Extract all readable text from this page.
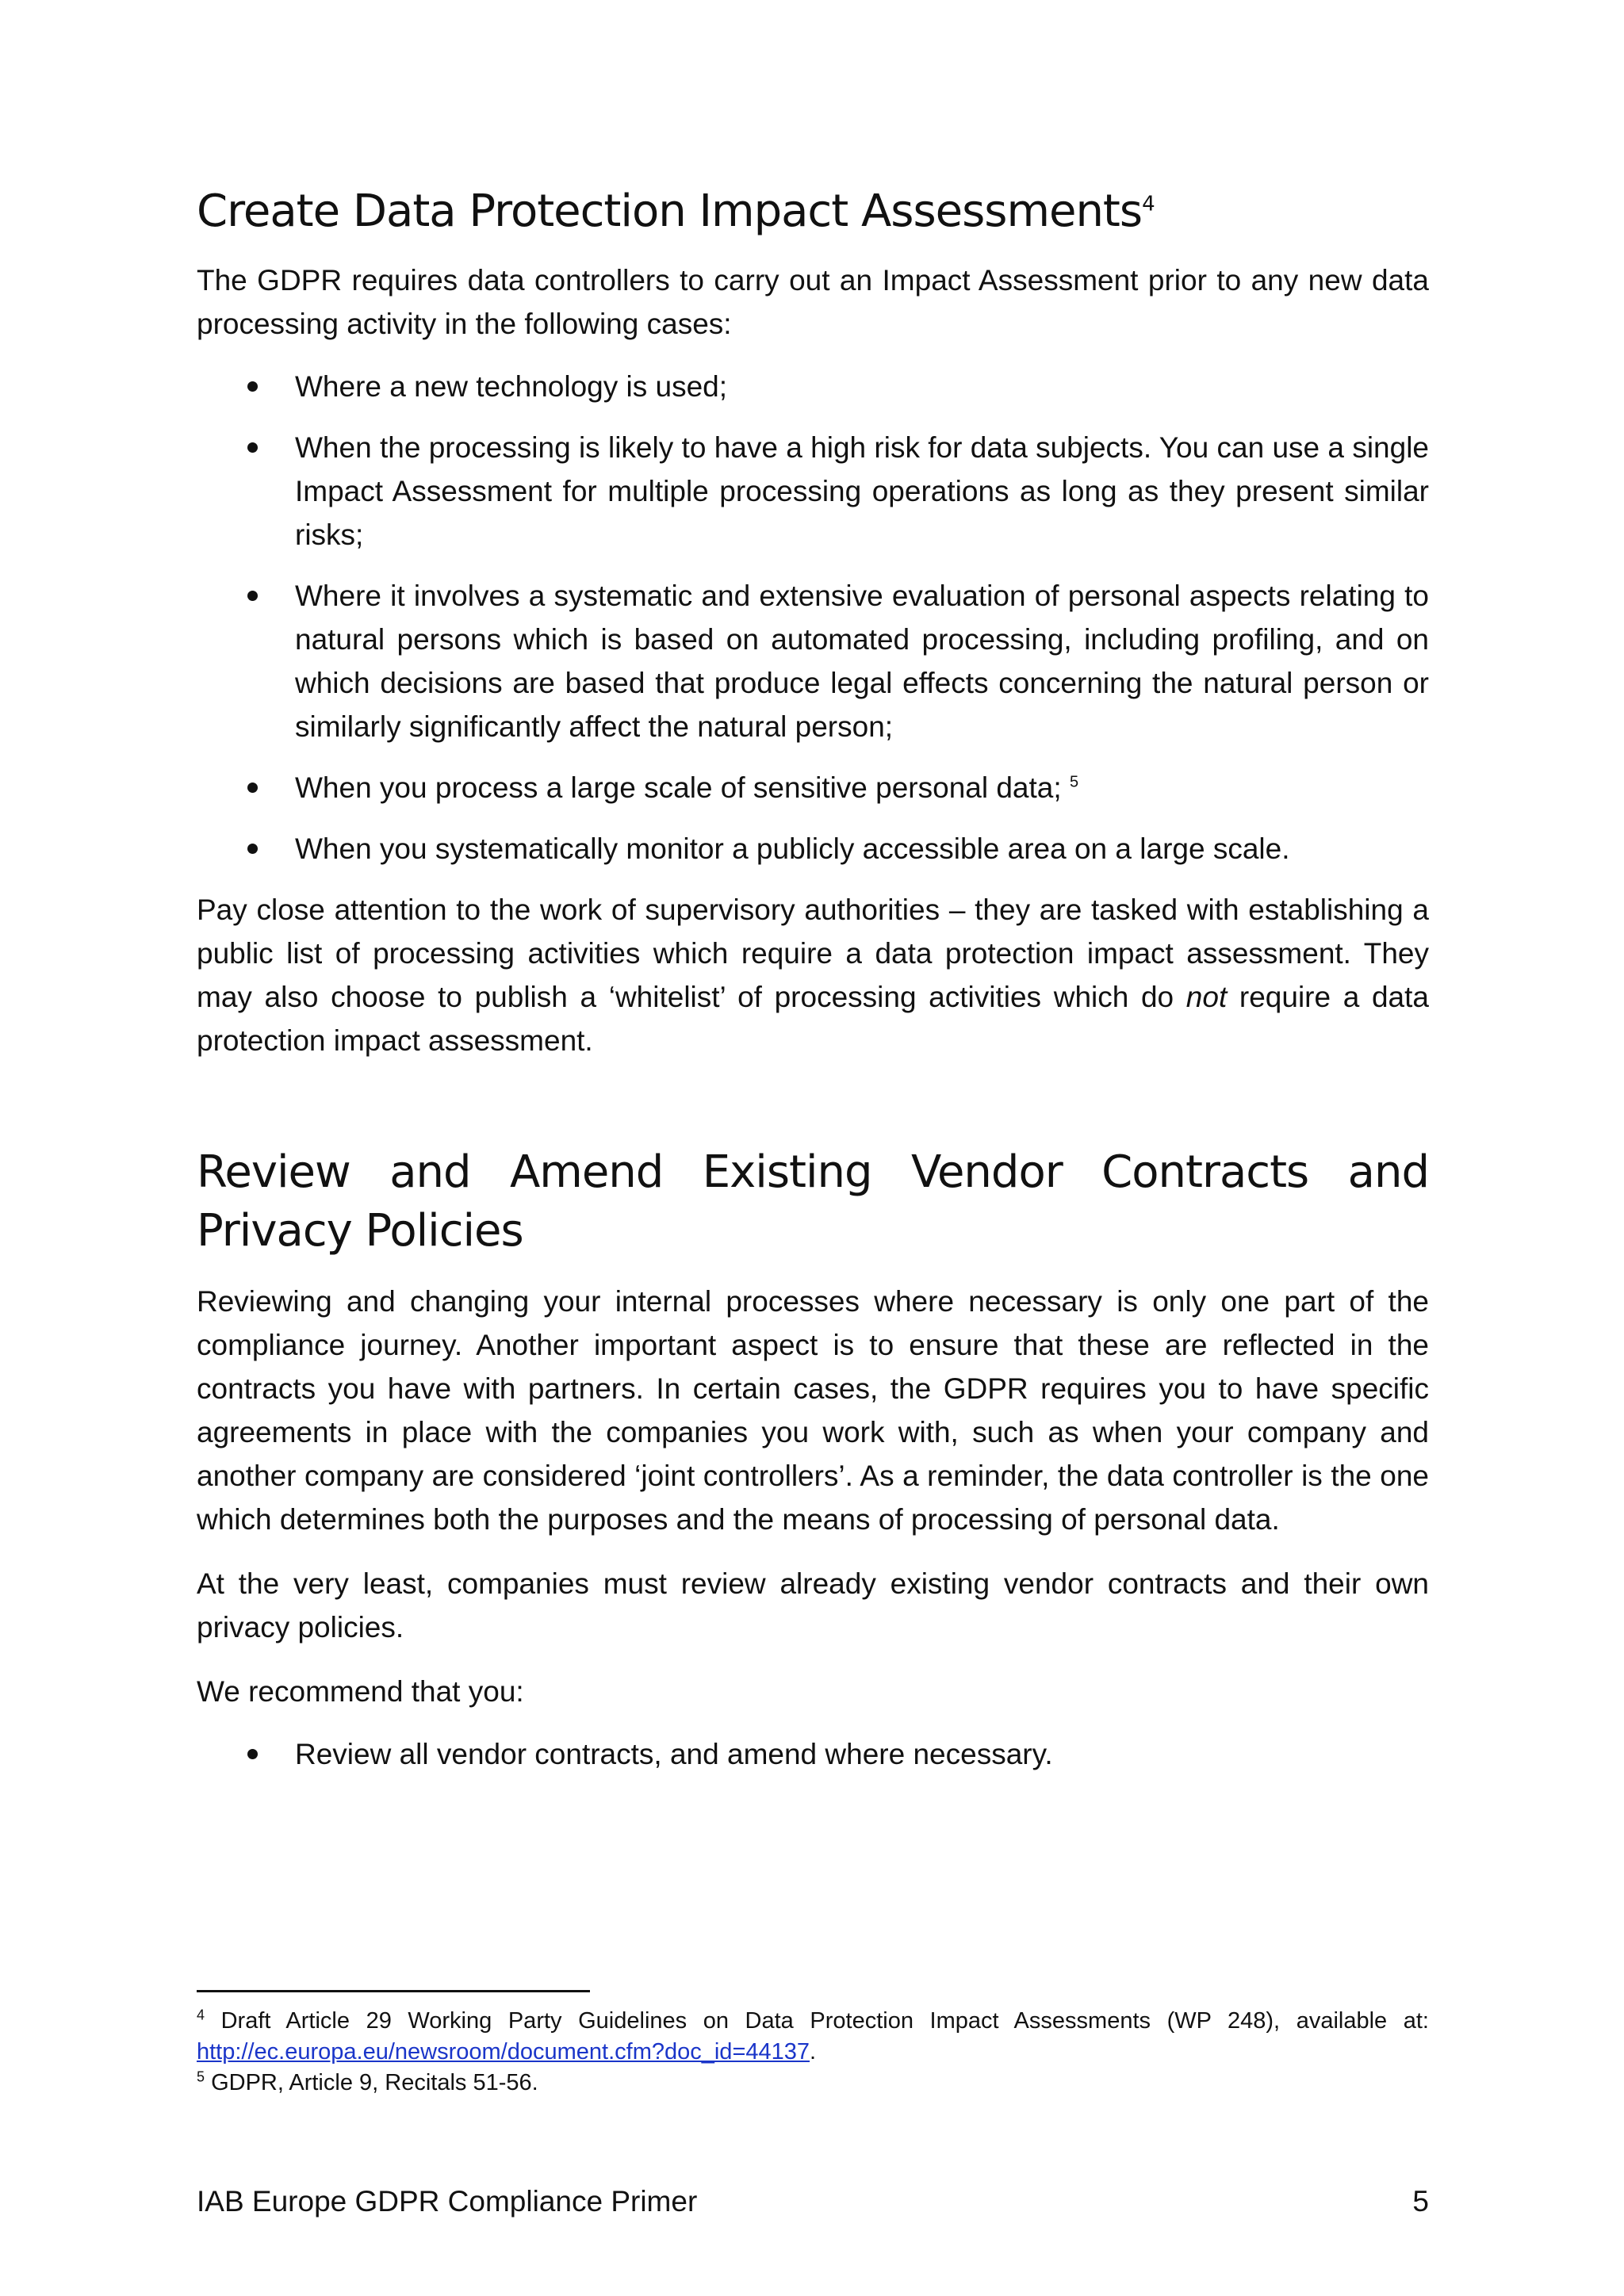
Create Data Protection Impact Assessments$^4$

The GDPR requires data controllers to carry out an Impact Assessment prior to any new data processing activity in the following cases:

Where a new technology is used;
When the processing is likely to have a high risk for data subjects. You can use a single Impact Assessment for multiple processing operations as long as they present similar risks;
Where it involves a systematic and extensive evaluation of personal aspects relating to natural persons which is based on automated processing, including profiling, and on which decisions are based that produce legal effects concerning the natural person or similarly significantly affect the natural person;
When you process a large scale of sensitive personal data; $^5$
When you systematically monitor a publicly accessible area on a large scale.

Pay close attention to the work of supervisory authorities – they are tasked with establishing a public list of processing activities which require a data protection impact assessment. They may also choose to publish a ‘whitelist’ of processing activities which do not require a data protection impact assessment.

Review and Amend Existing Vendor Contracts and Privacy Policies

Reviewing and changing your internal processes where necessary is only one part of the compliance journey. Another important aspect is to ensure that these are reflected in the contracts you have with partners. In certain cases, the GDPR requires you to have specific agreements in place with the companies you work with, such as when your company and another company are considered ‘joint controllers’. As a reminder, the data controller is the one which determines both the purposes and the means of processing of personal data.

At the very least, companies must review already existing vendor contracts and their own privacy policies.

We recommend that you:

Review all vendor contracts, and amend where necessary.

$^4$ Draft Article 29 Working Party Guidelines on Data Protection Impact Assessments (WP 248), available at: http://ec.europa.eu/newsroom/document.cfm?doc_id=44137.

$^5$ GDPR, Article 9, Recitals 51-56.

IAB Europe GDPR Compliance Primer	5
